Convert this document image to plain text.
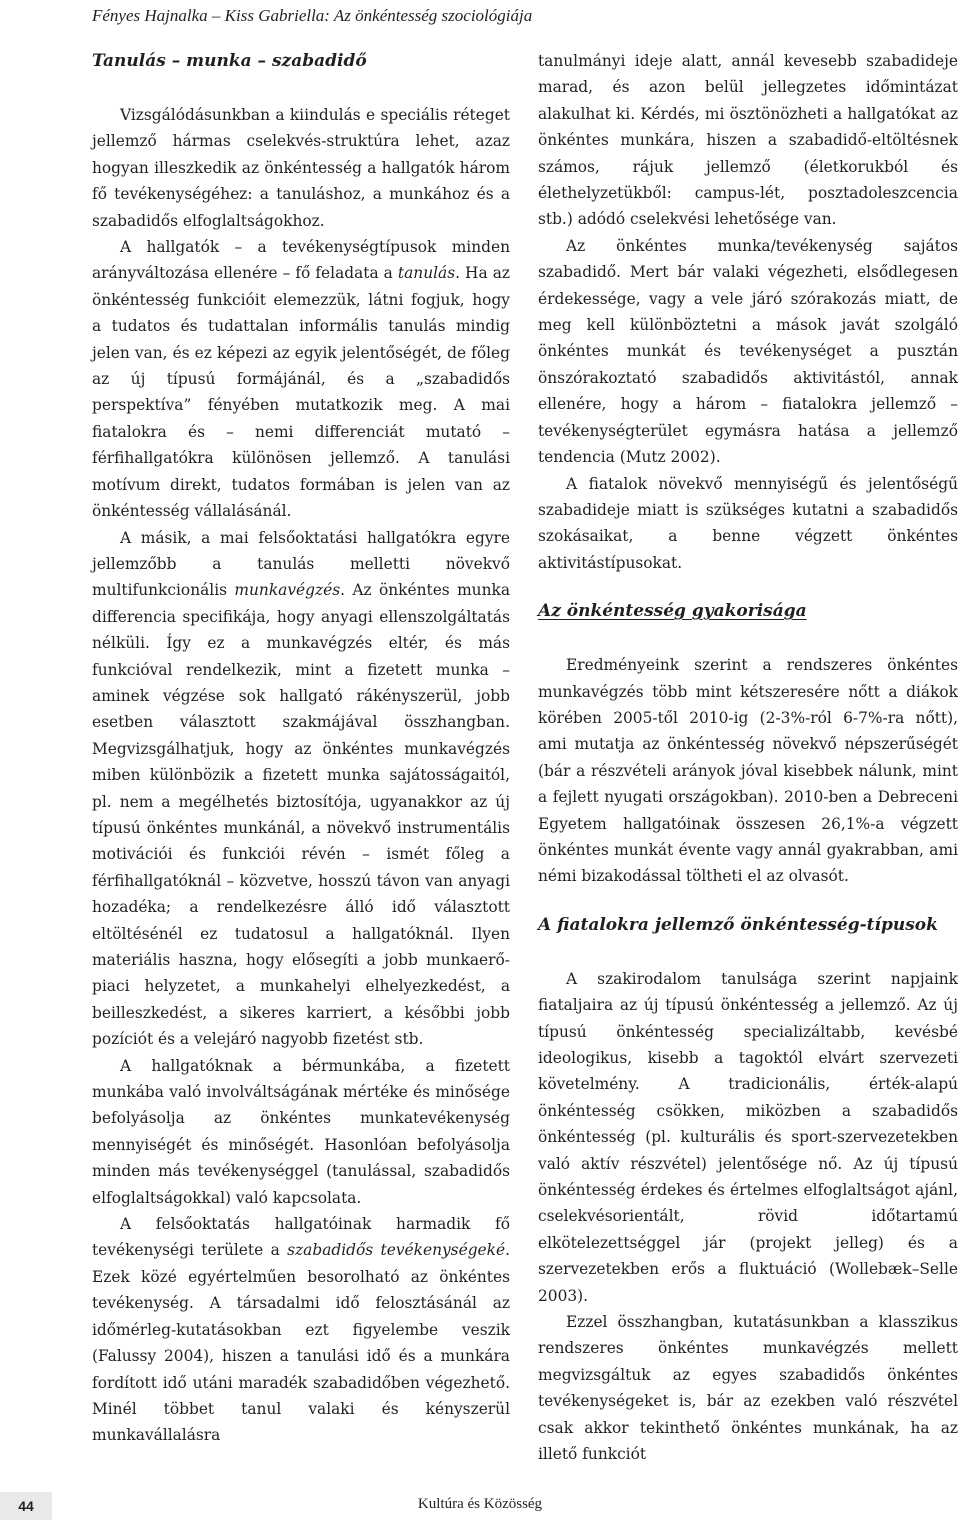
Fényes Hajnalka – Kiss Gabriella: Az önkéntesség szociológiája
Tanulás – munka – szabadidő

Vizsgálódásunkban a kiindulás e speciális réteget jellemző hármas cselekvés-struktúra lehet, azaz hogyan illeszkedik az önkéntesség a hallgatók három fő tevékenységéhez: a tanuláshoz, a munkához és a szabadidős elfoglaltságokhoz.

A hallgatók – a tevékenységtípusok minden arányváltozása ellenére – fő feladata a tanulás. Ha az önkéntesség funkcióit elemezzük, látni fogjuk, hogy a tudatos és tudattalan informális tanulás mindig jelen van, és ez képezi az egyik jelentőségét, de főleg az új típusú formájánál, és a „szabadidős perspektíva” fényében mutatkozik meg. A mai fiatalokra és – nemi differenciát mutató – férfihallgatókra különösen jellemző. A tanulási motívum direkt, tudatos formában is jelen van az önkéntesség vállalásánál.

A másik, a mai felsőoktatási hallgatókra egyre jellemzőbb a tanulás melletti növekvő multifunkcionális munkavégzés. Az önkéntes munka differencia specifikája, hogy anyagi ellenszolgáltatás nélküli. Így ez a munkavégzés eltér, és más funkcióval rendelkezik, mint a fizetett munka – aminek végzése sok hallgató rákényszerül, jobb esetben választott szakmájával összhangban. Megvizsgálhatjuk, hogy az önkéntes munkavégzés miben különbözik a fizetett munka sajátosságaitól, pl. nem a megélhetés biztosítója, ugyanakkor az új típusú önkéntes munkánál, a növekvő instrumentális motivációi és funkciói révén – ismét főleg a férfihallgatóknál – közvetve, hosszú távon van anyagi hozadéka; a rendelkezésre álló idő választott eltöltésénél ez tudatosul a hallgatóknál. Ilyen materiális haszna, hogy elősegíti a jobb munkaerő-piaci helyzetet, a munkahelyi elhelyezkedést, a beilleszkedést, a sikeres karriert, a későbbi jobb pozíciót és a velejáró nagyobb fizetést stb.

A hallgatóknak a bérmunkába, a fizetett munkába való involváltságának mértéke és minősége befolyásolja az önkéntes munkatevékenység mennyiségét és minőségét. Hasonlóan befolyásolja minden más tevékenységgel (tanulással, szabadidős elfoglaltságokkal) való kapcsolata.

A felsőoktatás hallgatóinak harmadik fő tevékenységi területe a szabadidős tevékenységeké. Ezek közé egyértelműen besorolható az önkéntes tevékenység. A társadalmi idő felosztásánál az időmérleg-kutatásokban ezt figyelembe veszik (Falussy 2004), hiszen a tanulási idő és a munkára fordított idő utáni maradék szabadidőben végezhető. Minél többet tanul valaki és kényszerül munkavállalásra

tanulmányi ideje alatt, annál kevesebb szabadideje marad, és azon belül jellegzetes időmintázat alakulhat ki. Kérdés, mi ösztönözheti a hallgatókat az önkéntes munkára, hiszen a szabadidő-eltöltésnek számos, rájuk jellemző (életkorukból és élethelyzetükből: campus-lét, posztadoleszcencia stb.) adódó cselekvési lehetősége van.

Az önkéntes munka/tevékenység sajátos szabadidő. Mert bár valaki végezheti, elsődlegesen érdekessége, vagy a vele járó szórakozás miatt, de meg kell különböztetni a mások javát szolgáló önkéntes munkát és tevékenységet a pusztán önszórakoztató szabadidős aktivitástól, annak ellenére, hogy a három – fiatalokra jellemző – tevékenységterület egymásra hatása a jellemző tendencia (Mutz 2002).

A fiatalok növekvő mennyiségű és jelentőségű szabadideje miatt is szükséges kutatni a szabadidős szokásaikat, a benne végzett önkéntes aktivitástípusokat.

Az önkéntesség gyakorisága

Eredményeink szerint a rendszeres önkéntes munkavégzés több mint kétszeresére nőtt a diákok körében 2005-től 2010-ig (2-3%-ról 6-7%-ra nőtt), ami mutatja az önkéntesség növekvő népszerűségét (bár a részvételi arányok jóval kisebbek nálunk, mint a fejlett nyugati országokban). 2010-ben a Debreceni Egyetem hallgatóinak összesen 26,1%-a végzett önkéntes munkát évente vagy annál gyakrabban, ami némi bizakodással töltheti el az olvasót.

A fiatalokra jellemző önkéntesség-típusok

A szakirodalom tanulsága szerint napjaink fiataljaira az új típusú önkéntesség a jellemző. Az új típusú önkéntesség specializáltabb, kevésbé ideologikus, kisebb a tagoktól elvárt szervezeti követelmény. A tradicionális, érték-alapú önkéntesség csökken, miközben a szabadidős önkéntesség (pl. kulturális és sport-szervezetekben való aktív részvétel) jelentősége nő. Az új típusú önkéntesség érdekes és értelmes elfoglaltságot ajánl, cselekvésorientált, rövid időtartamú elkötelezettséggel jár (projekt jelleg) és a szervezetekben erős a fluktuáció (Wollebæk–Selle 2003).

Ezzel összhangban, kutatásunkban a klasszikus rendszeres önkéntes munkavégzés mellett megvizsgáltuk az egyes szabadidős önkéntes tevékenységeket is, bár az ezekben való részvétel csak akkor tekinthető önkéntes munkának, ha az illető funkciót

44	Kultúra és Közösség
